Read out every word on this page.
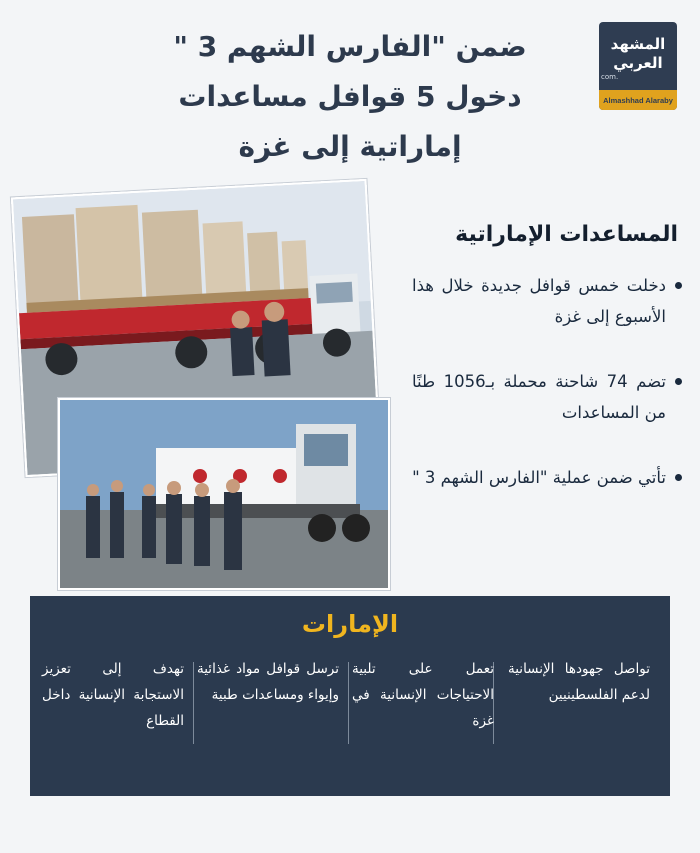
المشهد
العربي
com.
Almashhad Alaraby
ضمن "الفارس الشهم 3 "
دخول 5 قوافل مساعدات
إماراتية إلى غزة
المساعدات الإماراتية
دخلت خمس قوافل جديدة خلال هذا الأسبوع إلى غزة
تضم 74 شاحنة محملة بـ1056 طنًا من المساعدات
تأتي ضمن عملية "الفارس الشهم 3 "
الإمارات
تواصل جهودها الإنسانية لدعم الفلسطينيين
تعمل على تلبية الاحتياجات الإنسانية في غزة
ترسل قوافل مواد غذائية وإيواء ومساعدات طبية
تهدف إلى تعزيز الاستجابة الإنسانية داخل القطاع
